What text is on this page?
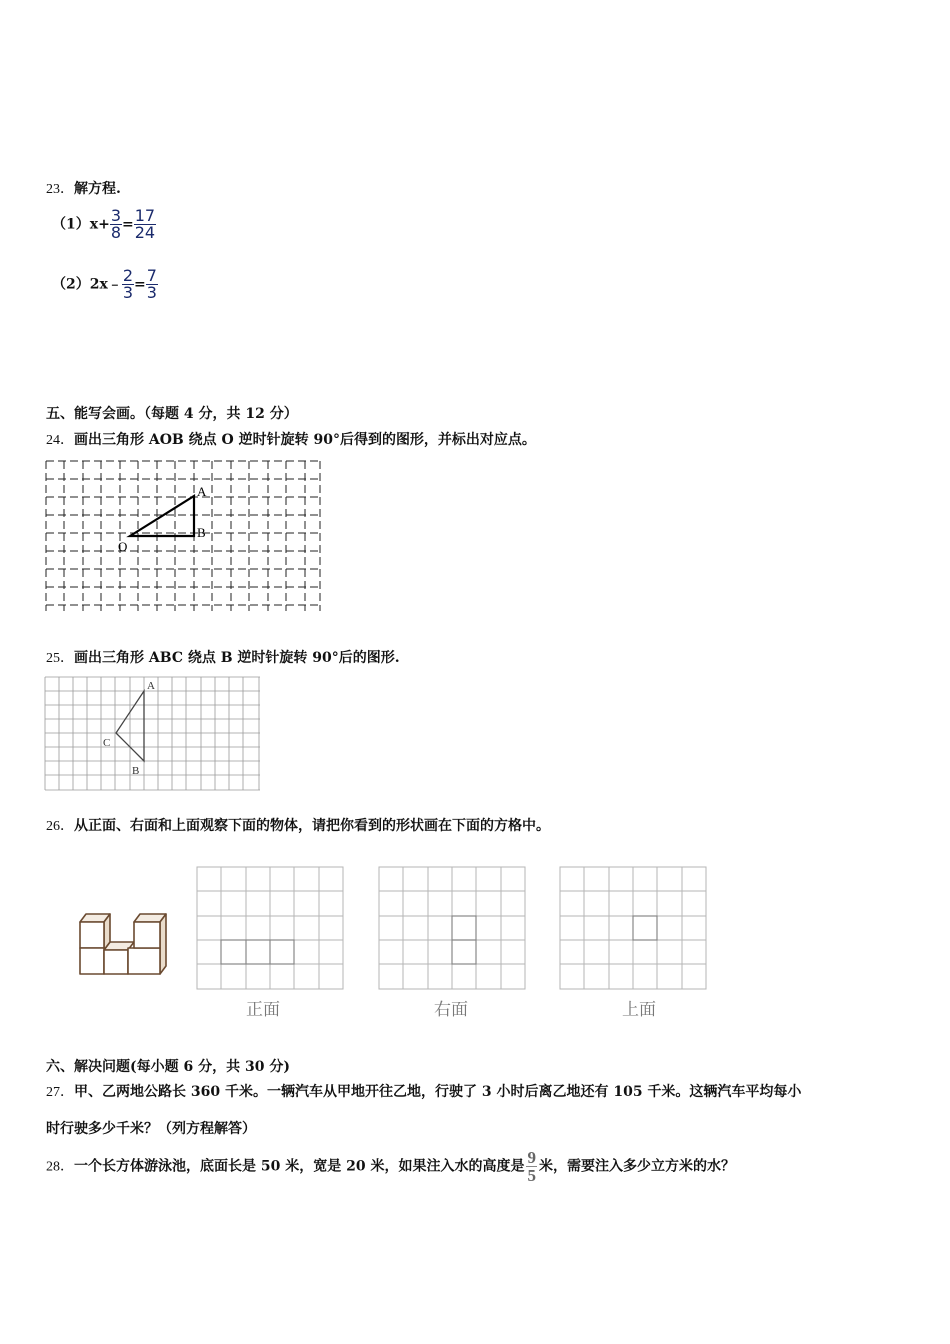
23．解方程.
$(1)x+ \frac{3}{8} = \frac{17}{24}$
（2）2x﹣ $\frac{2}{3} = \frac{7}{3}$
五、能写会画。（每题 4 分，共 12 分）
24．画出三角形 AOB 绕点 O 逆时针旋转 90°后得到的图形，并标出对应点。
A
B
O
25．画出三角形 ABC 绕点 B 逆时针旋转 90°后的图形.
A
B
C
26．从正面、右面和上面观察下面的物体，请把你看到的形状画在下面的方格中。
正面	右面	上面
六、解决问题(每小题 6 分，共 30 分)
27．甲、乙两地公路长 360 千米。一辆汽车从甲地开往乙地，行驶了 3 小时后离乙地还有 105 千米。这辆汽车平均每小
时行驶多少千米？（列方程解答）
28．一个长方体游泳池，底面长是 50 米，宽是 20 米，如果注入水的高度是 $\frac{9}{5}$ 米，需要注入多少立方米的水？
